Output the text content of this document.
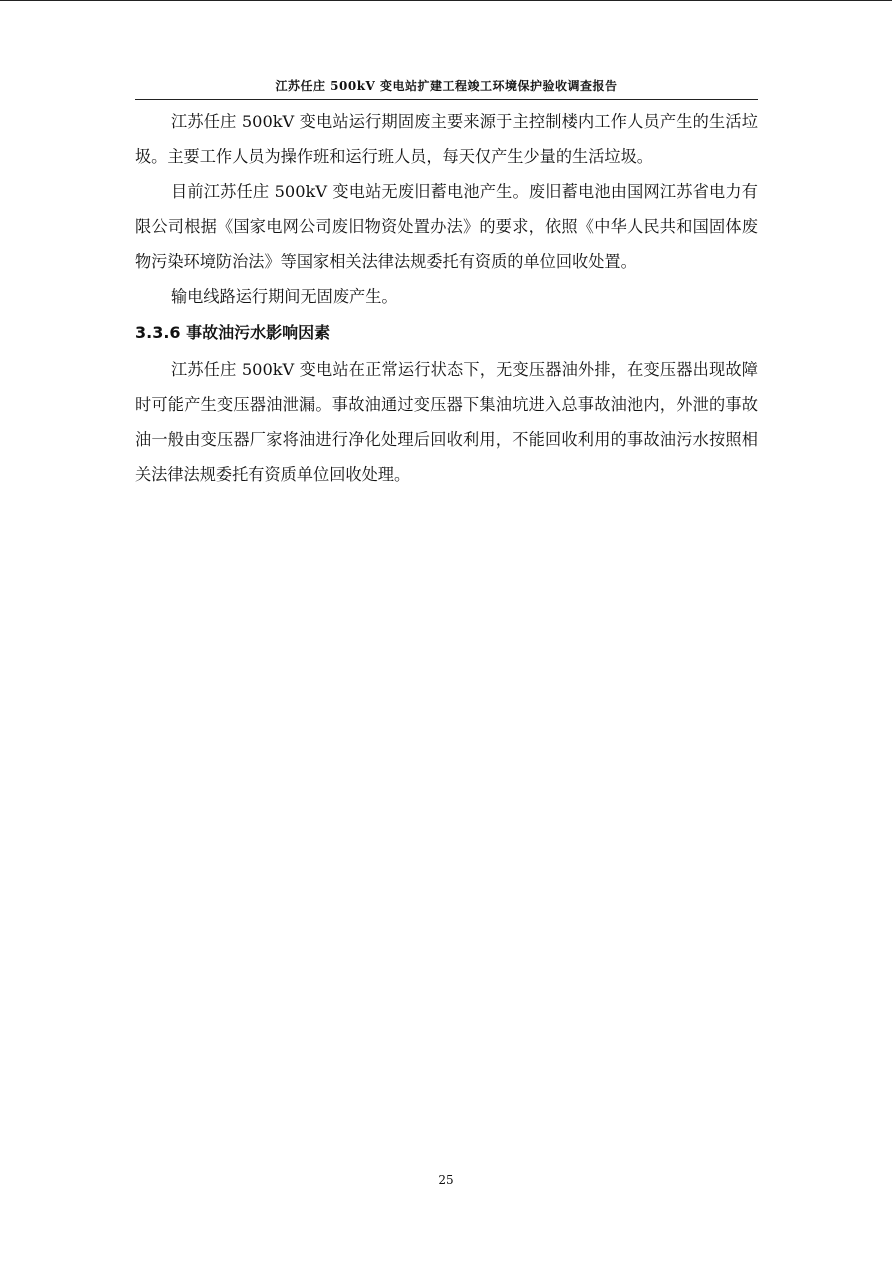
江苏任庄 500kV 变电站扩建工程竣工环境保护验收调查报告

江苏任庄 500kV 变电站运行期固废主要来源于主控制楼内工作人员产生的生活垃圾。主要工作人员为操作班和运行班人员，每天仅产生少量的生活垃圾。

目前江苏任庄 500kV 变电站无废旧蓄电池产生。废旧蓄电池由国网江苏省电力有限公司根据《国家电网公司废旧物资处置办法》的要求，依照《中华人民共和国固体废物污染环境防治法》等国家相关法律法规委托有资质的单位回收处置。

输电线路运行期间无固废产生。

3.3.6 事故油污水影响因素

江苏任庄 500kV 变电站在正常运行状态下，无变压器油外排，在变压器出现故障时可能产生变压器油泄漏。事故油通过变压器下集油坑进入总事故油池内，外泄的事故油一般由变压器厂家将油进行净化处理后回收利用，不能回收利用的事故油污水按照相关法律法规委托有资质单位回收处理。

25
